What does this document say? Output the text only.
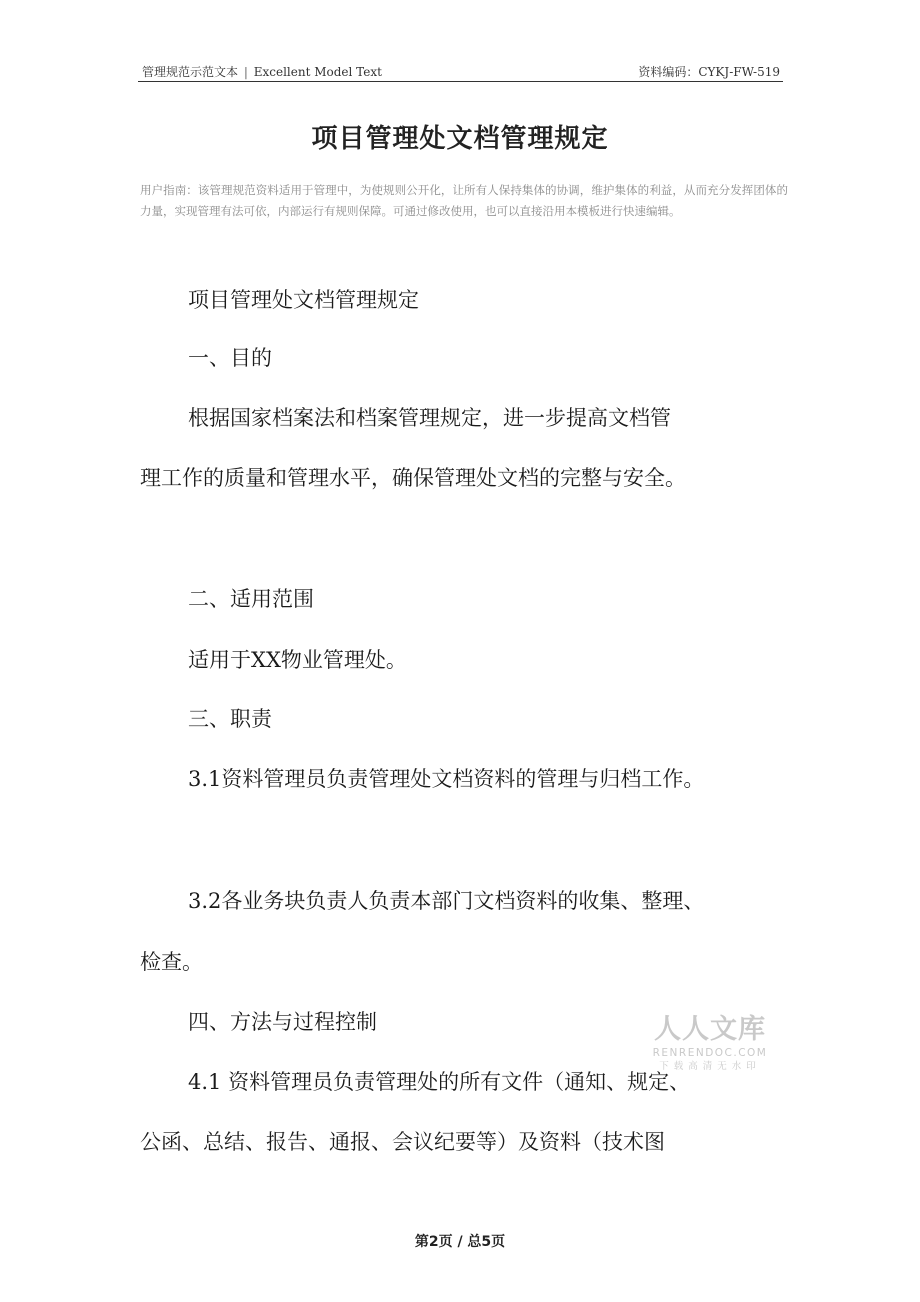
管理规范示范文本 | Excellent Model Text	资料编码：CYKJ-FW-519
项目管理处文档管理规定
用户指南：该管理规范资料适用于管理中，为使规则公开化，让所有人保持集体的协调，维护集体的利益，从而充分发挥团体的力量，实现管理有法可依，内部运行有规则保障。可通过修改使用，也可以直接沿用本模板进行快速编辑。
项目管理处文档管理规定
一、目的
根据国家档案法和档案管理规定，进一步提高文档管
理工作的质量和管理水平，确保管理处文档的完整与安全。
二、适用范围
适用于XX物业管理处。
三、职责
3.1资料管理员负责管理处文档资料的管理与归档工作。
3.2各业务块负责人负责本部门文档资料的收集、整理、
检查。
四、方法与过程控制
4.1 资料管理员负责管理处的所有文件（通知、规定、
公函、总结、报告、通报、会议纪要等）及资料（技术图
人人文库
RENRENDOC.COM
下载高清无水印
第2页 / 总5页
